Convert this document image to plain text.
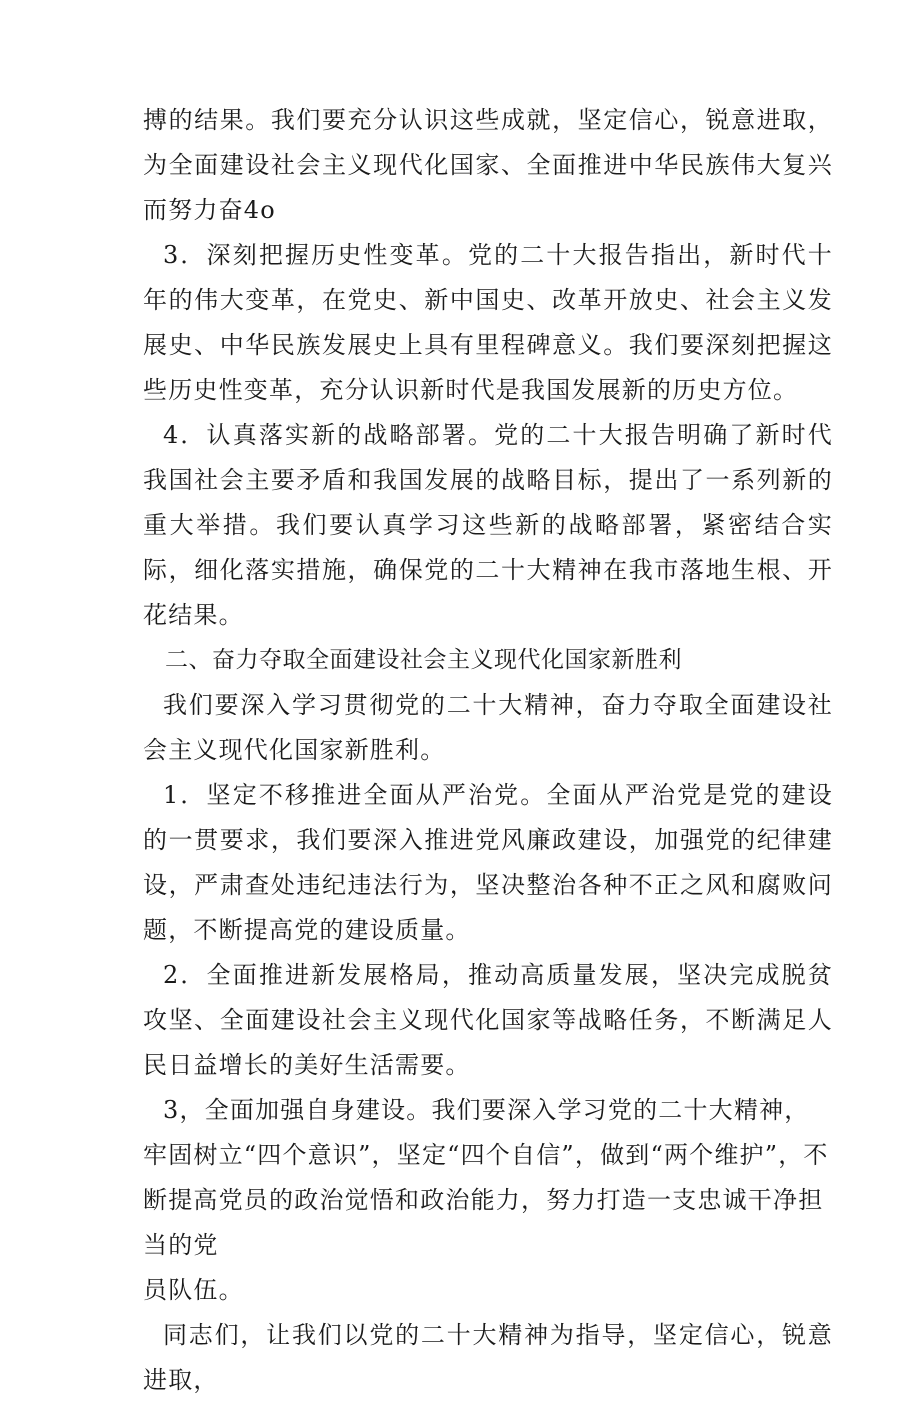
搏的结果。我们要充分认识这些成就，坚定信心，锐意进取，为全面建设社会主义现代化国家、全面推进中华民族伟大复兴而努力奋4o

3．深刻把握历史性变革。党的二十大报告指出，新时代十年的伟大变革，在党史、新中国史、改革开放史、社会主义发展史、中华民族发展史上具有里程碑意义。我们要深刻把握这些历史性变革，充分认识新时代是我国发展新的历史方位。

4．认真落实新的战略部署。党的二十大报告明确了新时代我国社会主要矛盾和我国发展的战略目标，提出了一系列新的重大举措。我们要认真学习这些新的战略部署，紧密结合实际，细化落实措施，确保党的二十大精神在我市落地生根、开花结果。

二、奋力夺取全面建设社会主义现代化国家新胜利

我们要深入学习贯彻党的二十大精神，奋力夺取全面建设社会主义现代化国家新胜利。

1．坚定不移推进全面从严治党。全面从严治党是党的建设的一贯要求，我们要深入推进党风廉政建设，加强党的纪律建设，严肃查处违纪违法行为，坚决整治各种不正之风和腐败问题，不断提高党的建设质量。

2．全面推进新发展格局，推动高质量发展，坚决完成脱贫攻坚、全面建设社会主义现代化国家等战略任务，不断满足人民日益增长的美好生活需要。

3，全面加强自身建设。我们要深入学习党的二十大精神，牢固树立“四个意识”，坚定“四个自信”，做到“两个维护”，不断提高党员的政治觉悟和政治能力，努力打造一支忠诚干净担当的党

员队伍。

同志们，让我们以党的二十大精神为指导，坚定信心，锐意进取，
